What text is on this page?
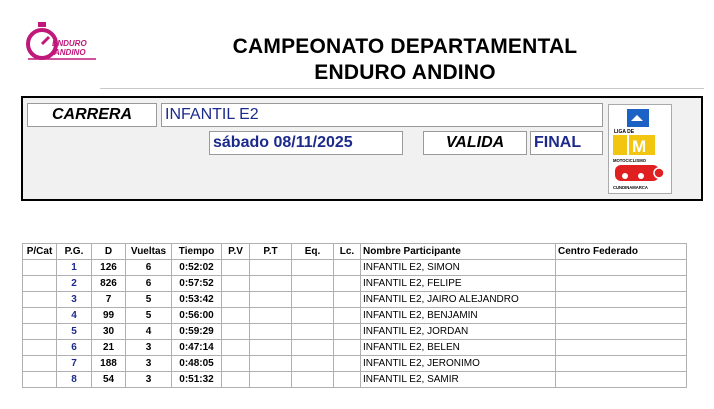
ENDURO
ANDINO	CAMPEONATO DEPARTAMENTAL
ENDURO ANDINO
CARRERA	INFANTIL E2
sábado 08/11/2025	VALIDA	FINAL
LIGA DE
M
MOTOCICLISMO
CUNDINAMARCA
P/Cat	P.G.	D	Vueltas	Tiempo	P.V	P.T	Eq.	Lc.	Nombre Participante	Centro Federado
	1	126	6	0:52:02					INFANTIL E2, SIMON	
	2	826	6	0:57:52					INFANTIL E2, FELIPE	
	3	7	5	0:53:42					INFANTIL E2, JAIRO ALEJANDRO	
	4	99	5	0:56:00					INFANTIL E2, BENJAMIN	
	5	30	4	0:59:29					INFANTIL E2, JORDAN	
	6	21	3	0:47:14					INFANTIL E2, BELEN	
	7	188	3	0:48:05					INFANTIL E2, JERONIMO	
	8	54	3	0:51:32					INFANTIL E2, SAMIR	
